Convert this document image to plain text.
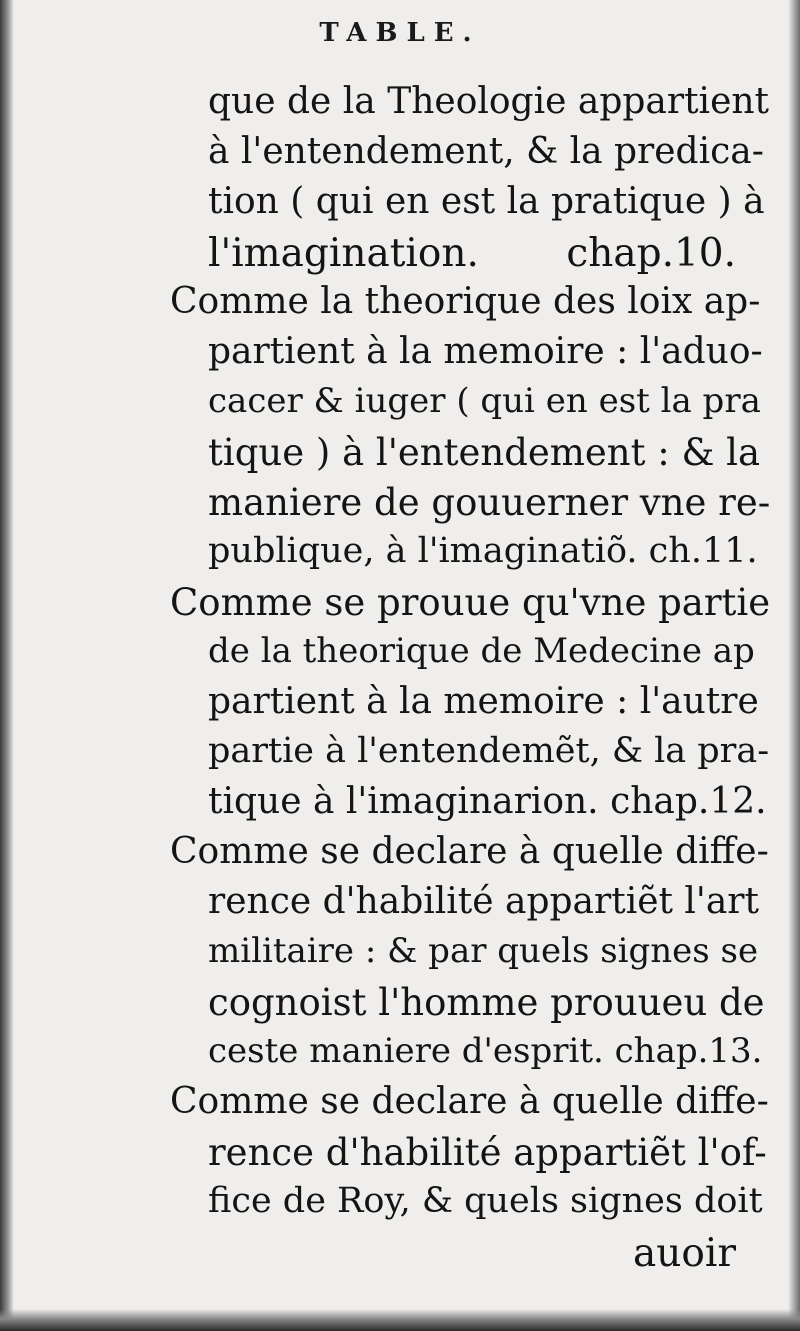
TABLE.
que de la Theologie appartient
à l'entendement, & la predica-
tion ( qui en est la pratique ) à
l'imagination. chap.10.
Comme la theorique des loix ap-
partient à la memoire : l'aduo-
cacer & iuger ( qui en est la pra
tique ) à l'entendement : & la
maniere de gouuerner vne re-
publique, à l'imaginatiõ. ch.11.
Comme se prouue qu'vne partie
de la theorique de Medecine ap
partient à la memoire : l'autre
partie à l'entendemẽt, & la pra-
tique à l'imaginarion. chap.12.
Comme se declare à quelle diffe-
rence d'habilité appartiẽt l'art
militaire : & par quels signes se
cognoist l'homme prouueu de
ceste maniere d'esprit. chap.13.
Comme se declare à quelle diffe-
rence d'habilité appartiẽt l'of-
fice de Roy, & quels signes doit
auoir
